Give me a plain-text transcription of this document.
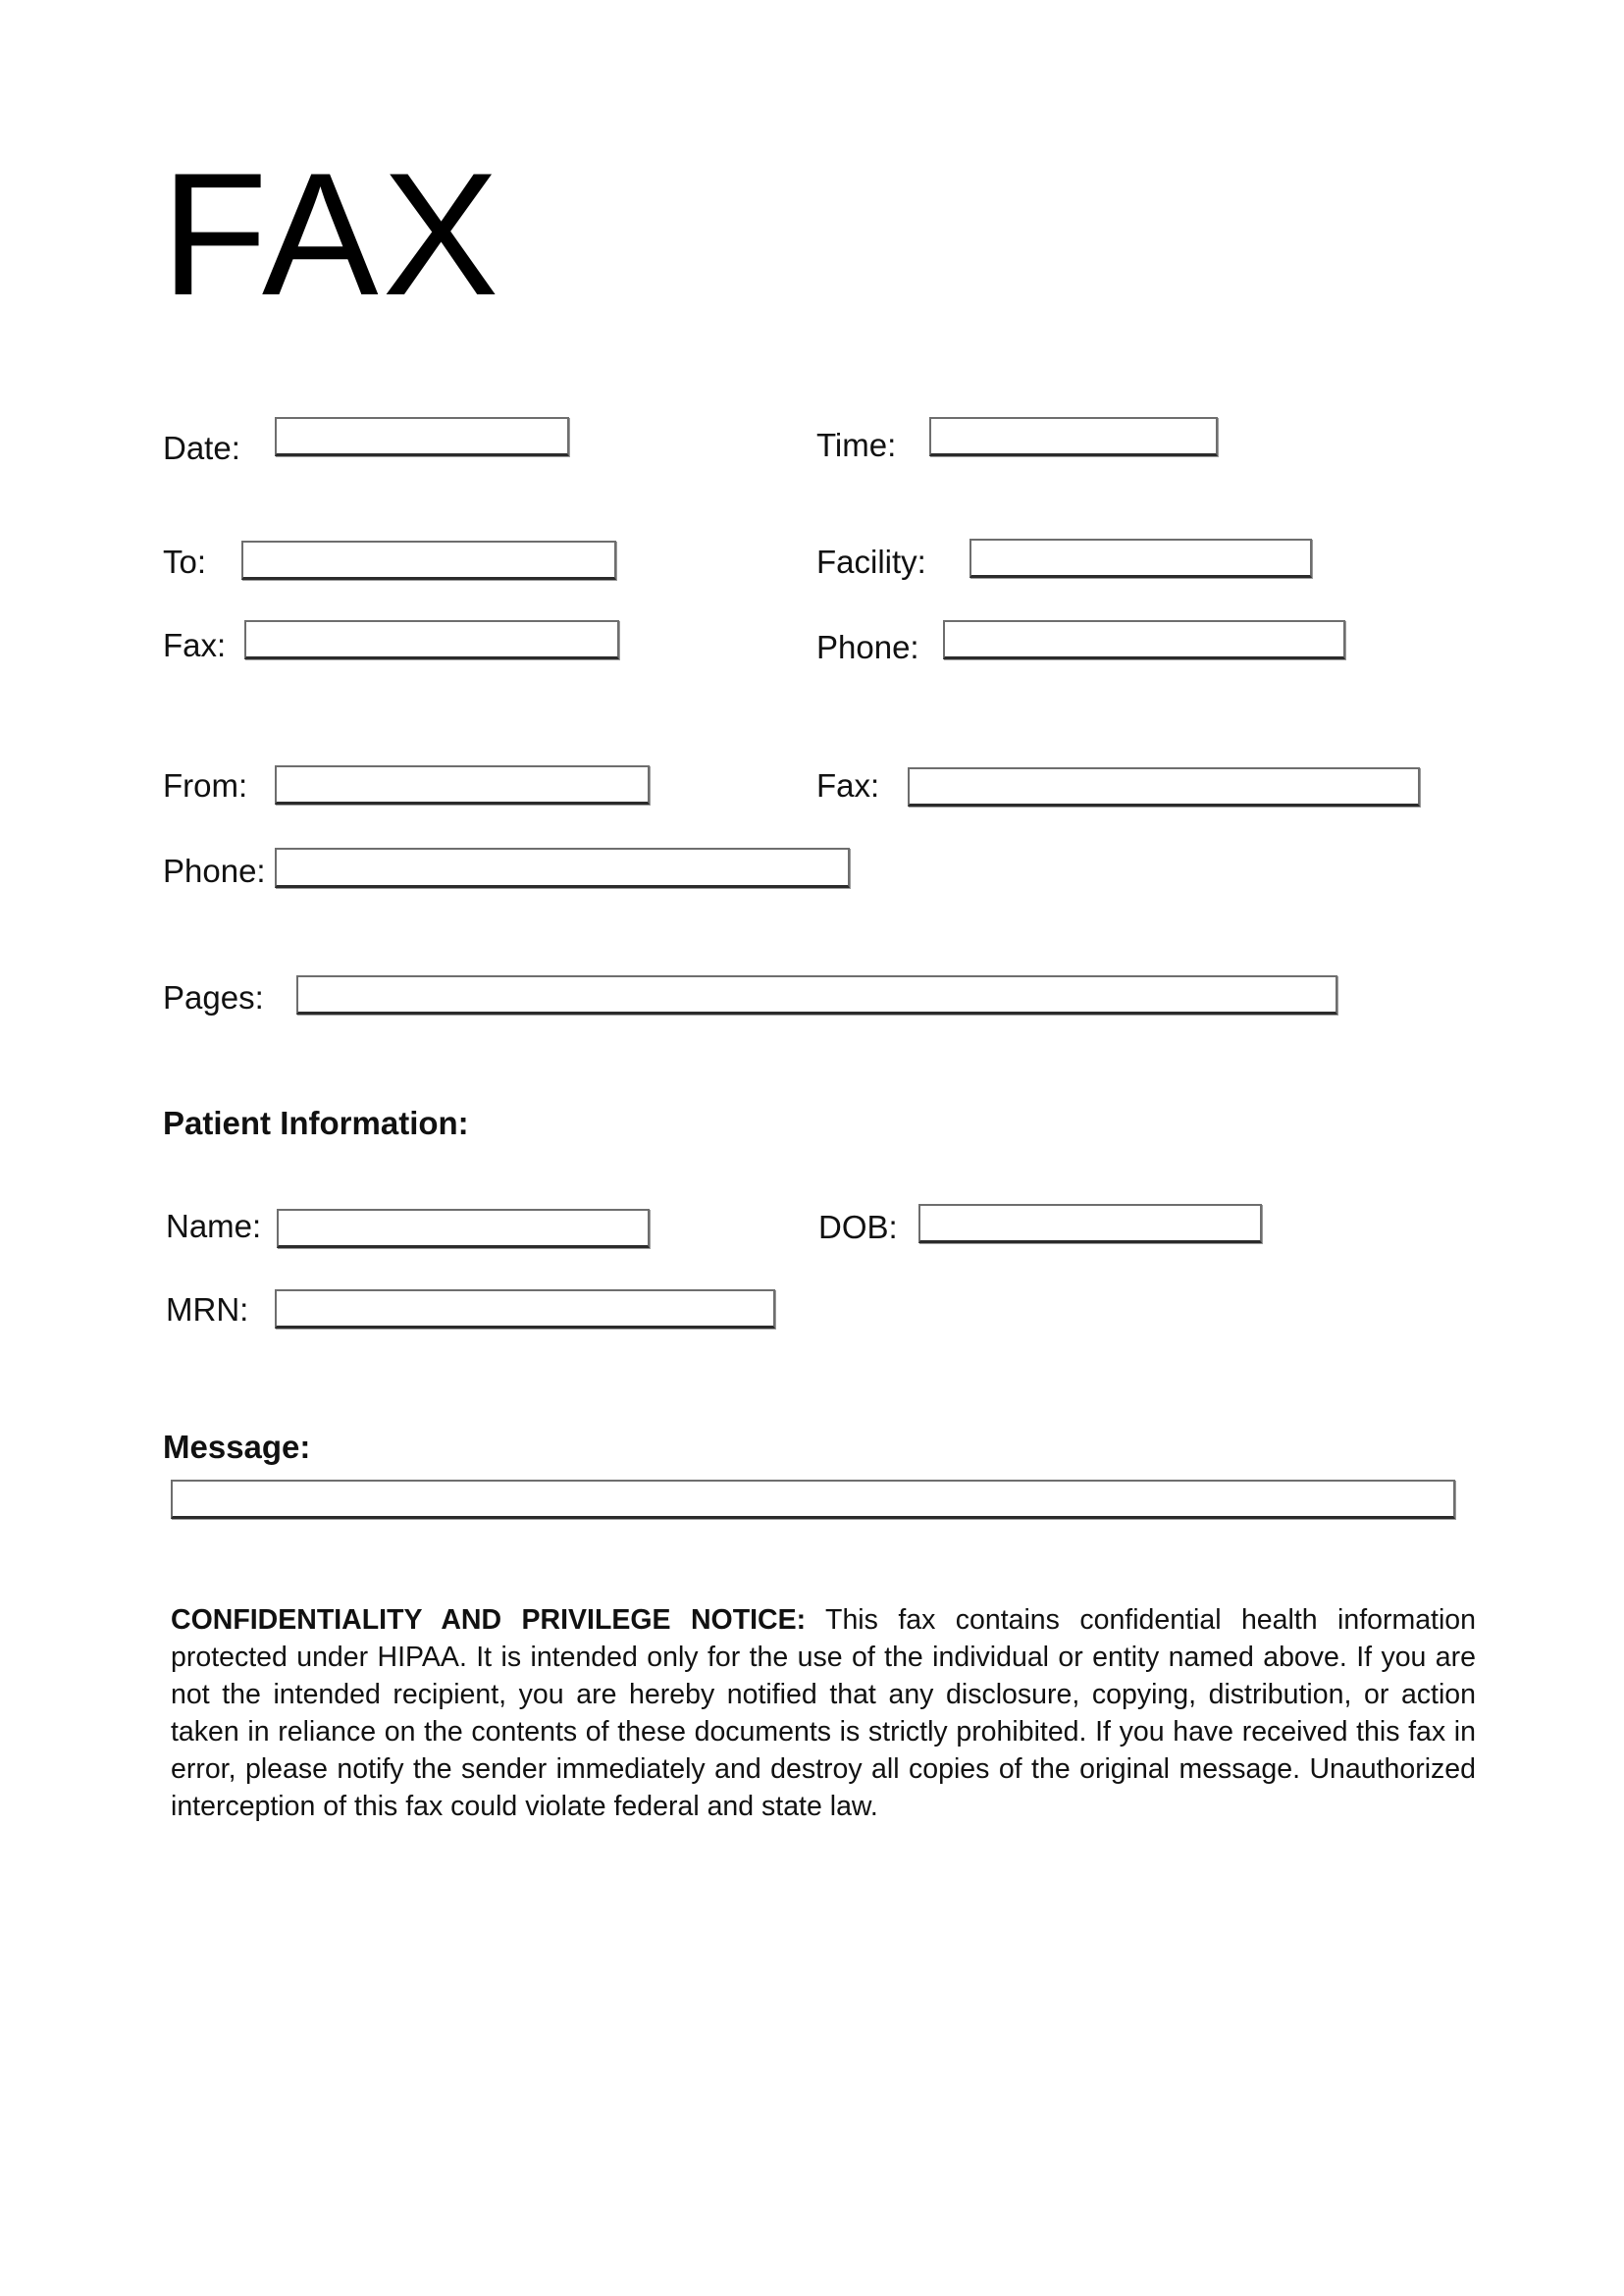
FAX
Date:	Time:
To:	Facility:
Fax:	Phone:
From:	Fax:
Phone:
Pages:
Patient Information:
Name:	DOB:
MRN:
Message:
CONFIDENTIALITY AND PRIVILEGE NOTICE: This fax contains confidential health information protected under HIPAA. It is intended only for the use of the individual or entity named above. If you are not the intended recipient, you are hereby notified that any disclosure, copying, distribution, or action taken in reliance on the contents of these documents is strictly prohibited. If you have received this fax in error, please notify the sender immediately and destroy all copies of the original message. Unauthorized interception of this fax could violate federal and state law.
